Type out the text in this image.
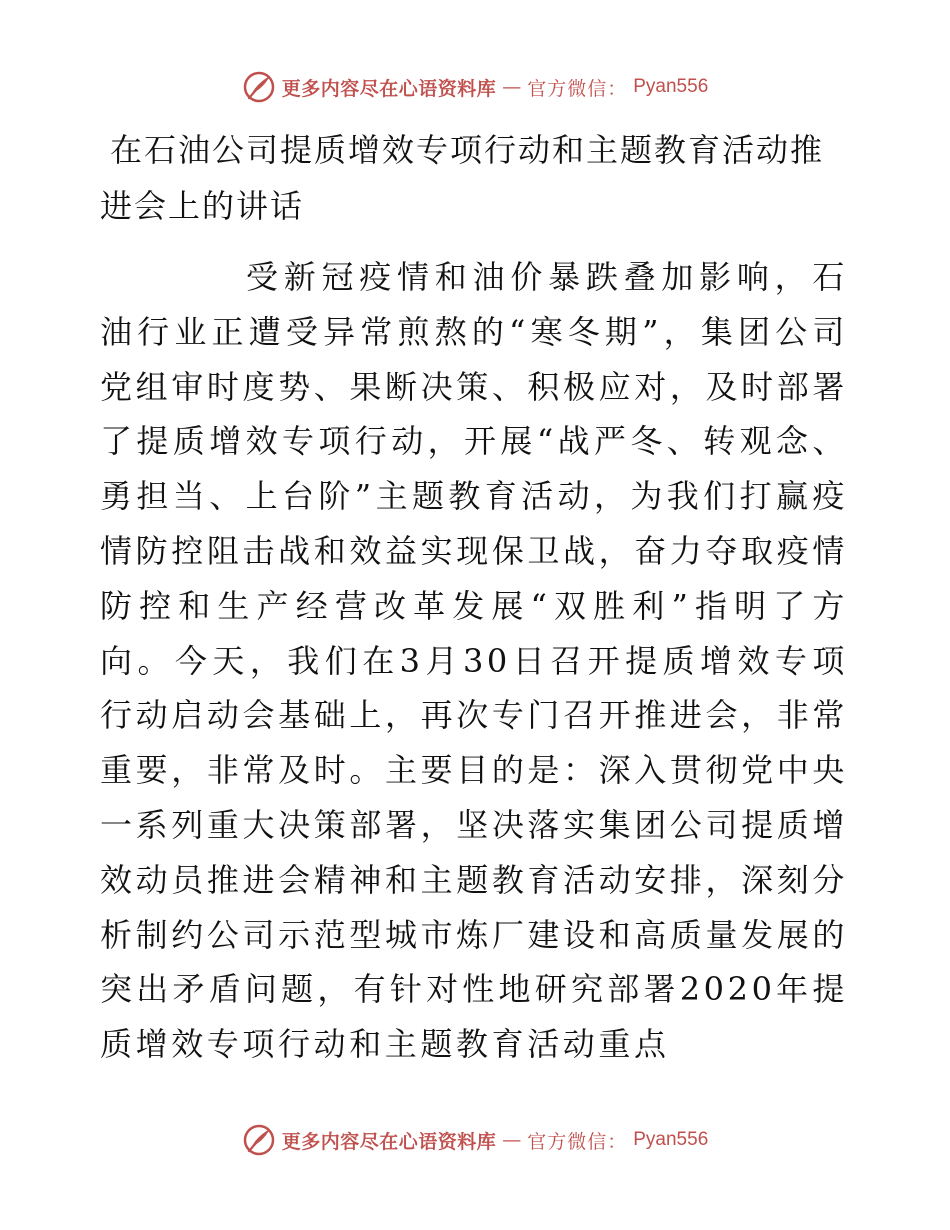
更多内容尽在心语资料库 — 官方微信： Pyan556
在石油公司提质增效专项行动和主题教育活动推进会上的讲话

受新冠疫情和油价暴跌叠加影响，石油行业正遭受异常煎熬的“寒冬期”，集团公司党组审时度势、果断决策、积极应对，及时部署了提质增效专项行动，开展“战严冬、转观念、勇担当、上台阶”主题教育活动，为我们打赢疫情防控阻击战和效益实现保卫战，奋力夺取疫情防控和生产经营改革发展“双胜利”指明了方向。今天，我们在3月30日召开提质增效专项行动启动会基础上，再次专门召开推进会，非常重要，非常及时。主要目的是：深入贯彻党中央一系列重大决策部署，坚决落实集团公司提质增效动员推进会精神和主题教育活动安排，深刻分析制约公司示范型城市炼厂建设和高质量发展的突出矛盾问题，有针对性地研究部署2020年提质增效专项行动和主题教育活动重点

更多内容尽在心语资料库 — 官方微信： Pyan556
